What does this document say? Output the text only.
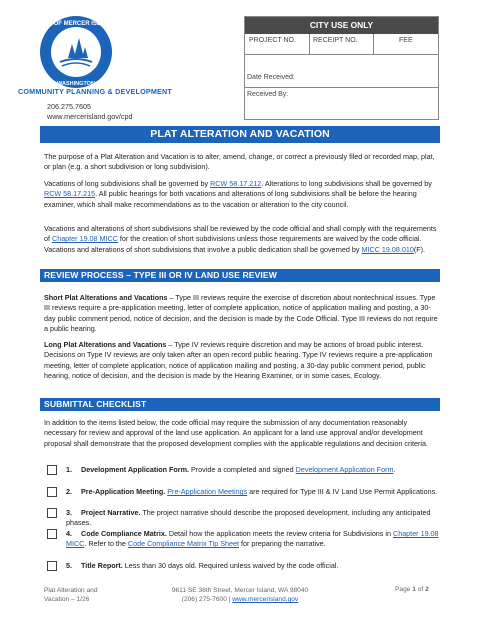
CITY OF MERCER ISLAND
WASHINGTON
COMMUNITY PLANNING & DEVELOPMENT
206.275.7605
www.mercerisland.gov/cpd
CITY USE ONLY
PROJECT NO. RECEIPT NO.	FEE
Date Received:
Received By:
PLAT ALTERATION AND VACATION
The purpose of a Plat Alteration and Vacation is to alter, amend, change, or correct a previously filed or recorded map, plat, or plan (e.g. a short subdivision or long subdivision).
Vacations of long subdivisions shall be governed by RCW 58.17.212. Alterations to long subdivisions shall be governed by RCW 58.17.215. All public hearings for both vacations and alterations of long subdivisions shall be before the hearing examiner, which shall make recommendations as to the vacation or alteration to the city council.
Vacations and alterations of short subdivisions shall be reviewed by the code official and shall comply with the requirements of Chapter 19.08 MICC for the creation of short subdivisions unless those requirements are waived by the code official. Vacations and alterations of short subdivisions that involve a public dedication shall be governed by MICC 19.08.010(F).
REVIEW PROCESS – TYPE III OR IV LAND USE REVIEW
Short Plat Alterations and Vacations – Type III reviews require the exercise of discretion about nontechnical issues. Type III reviews require a pre-application meeting, letter of complete application, notice of application mailing and posting, a 30-day public comment period, notice of decision, and the decision is made by the Code Official. Type III reviews do not require a public hearing.
Long Plat Alterations and Vacations – Type IV reviews require discretion and may be actions of broad public interest. Decisions on Type IV reviews are only taken after an open record public hearing. Type IV reviews require a pre-application meeting, letter of complete application, notice of application mailing and posting, a 30-day public comment period, public hearing, notice of decision, and the decision is made by the Hearing Examiner, or in some cases, Ecology.
SUBMITTAL CHECKLIST
In addition to the items listed below, the code official may require the submission of any documentation reasonably necessary for review and approval of the land use application. An applicant for a land use approval and/or development proposal shall demonstrate that the proposed development complies with the applicable regulations and decision criteria.
1. Development Application Form. Provide a completed and signed Development Application Form.
2. Pre-Application Meeting. Pre-Application Meetings are required for Type III & IV Land Use Permit Applications.
3. Project Narrative. The project narrative should describe the proposed development, including any anticipated phases.
4. Code Compliance Matrix. Detail how the application meets the review criteria for Subdivisions in Chapter 19.08 MICC. Refer to the Code Compliance Matrix Tip Sheet for preparing the narrative.
5. Title Report. Less than 30 days old. Required unless waived by the code official.
Plat Alteration and
Vacation – 1/26
9611 SE 36th Street, Mercer Island, WA 98040
(206) 275-7600 | www.mercerisland.gov
Page 1 of 2
